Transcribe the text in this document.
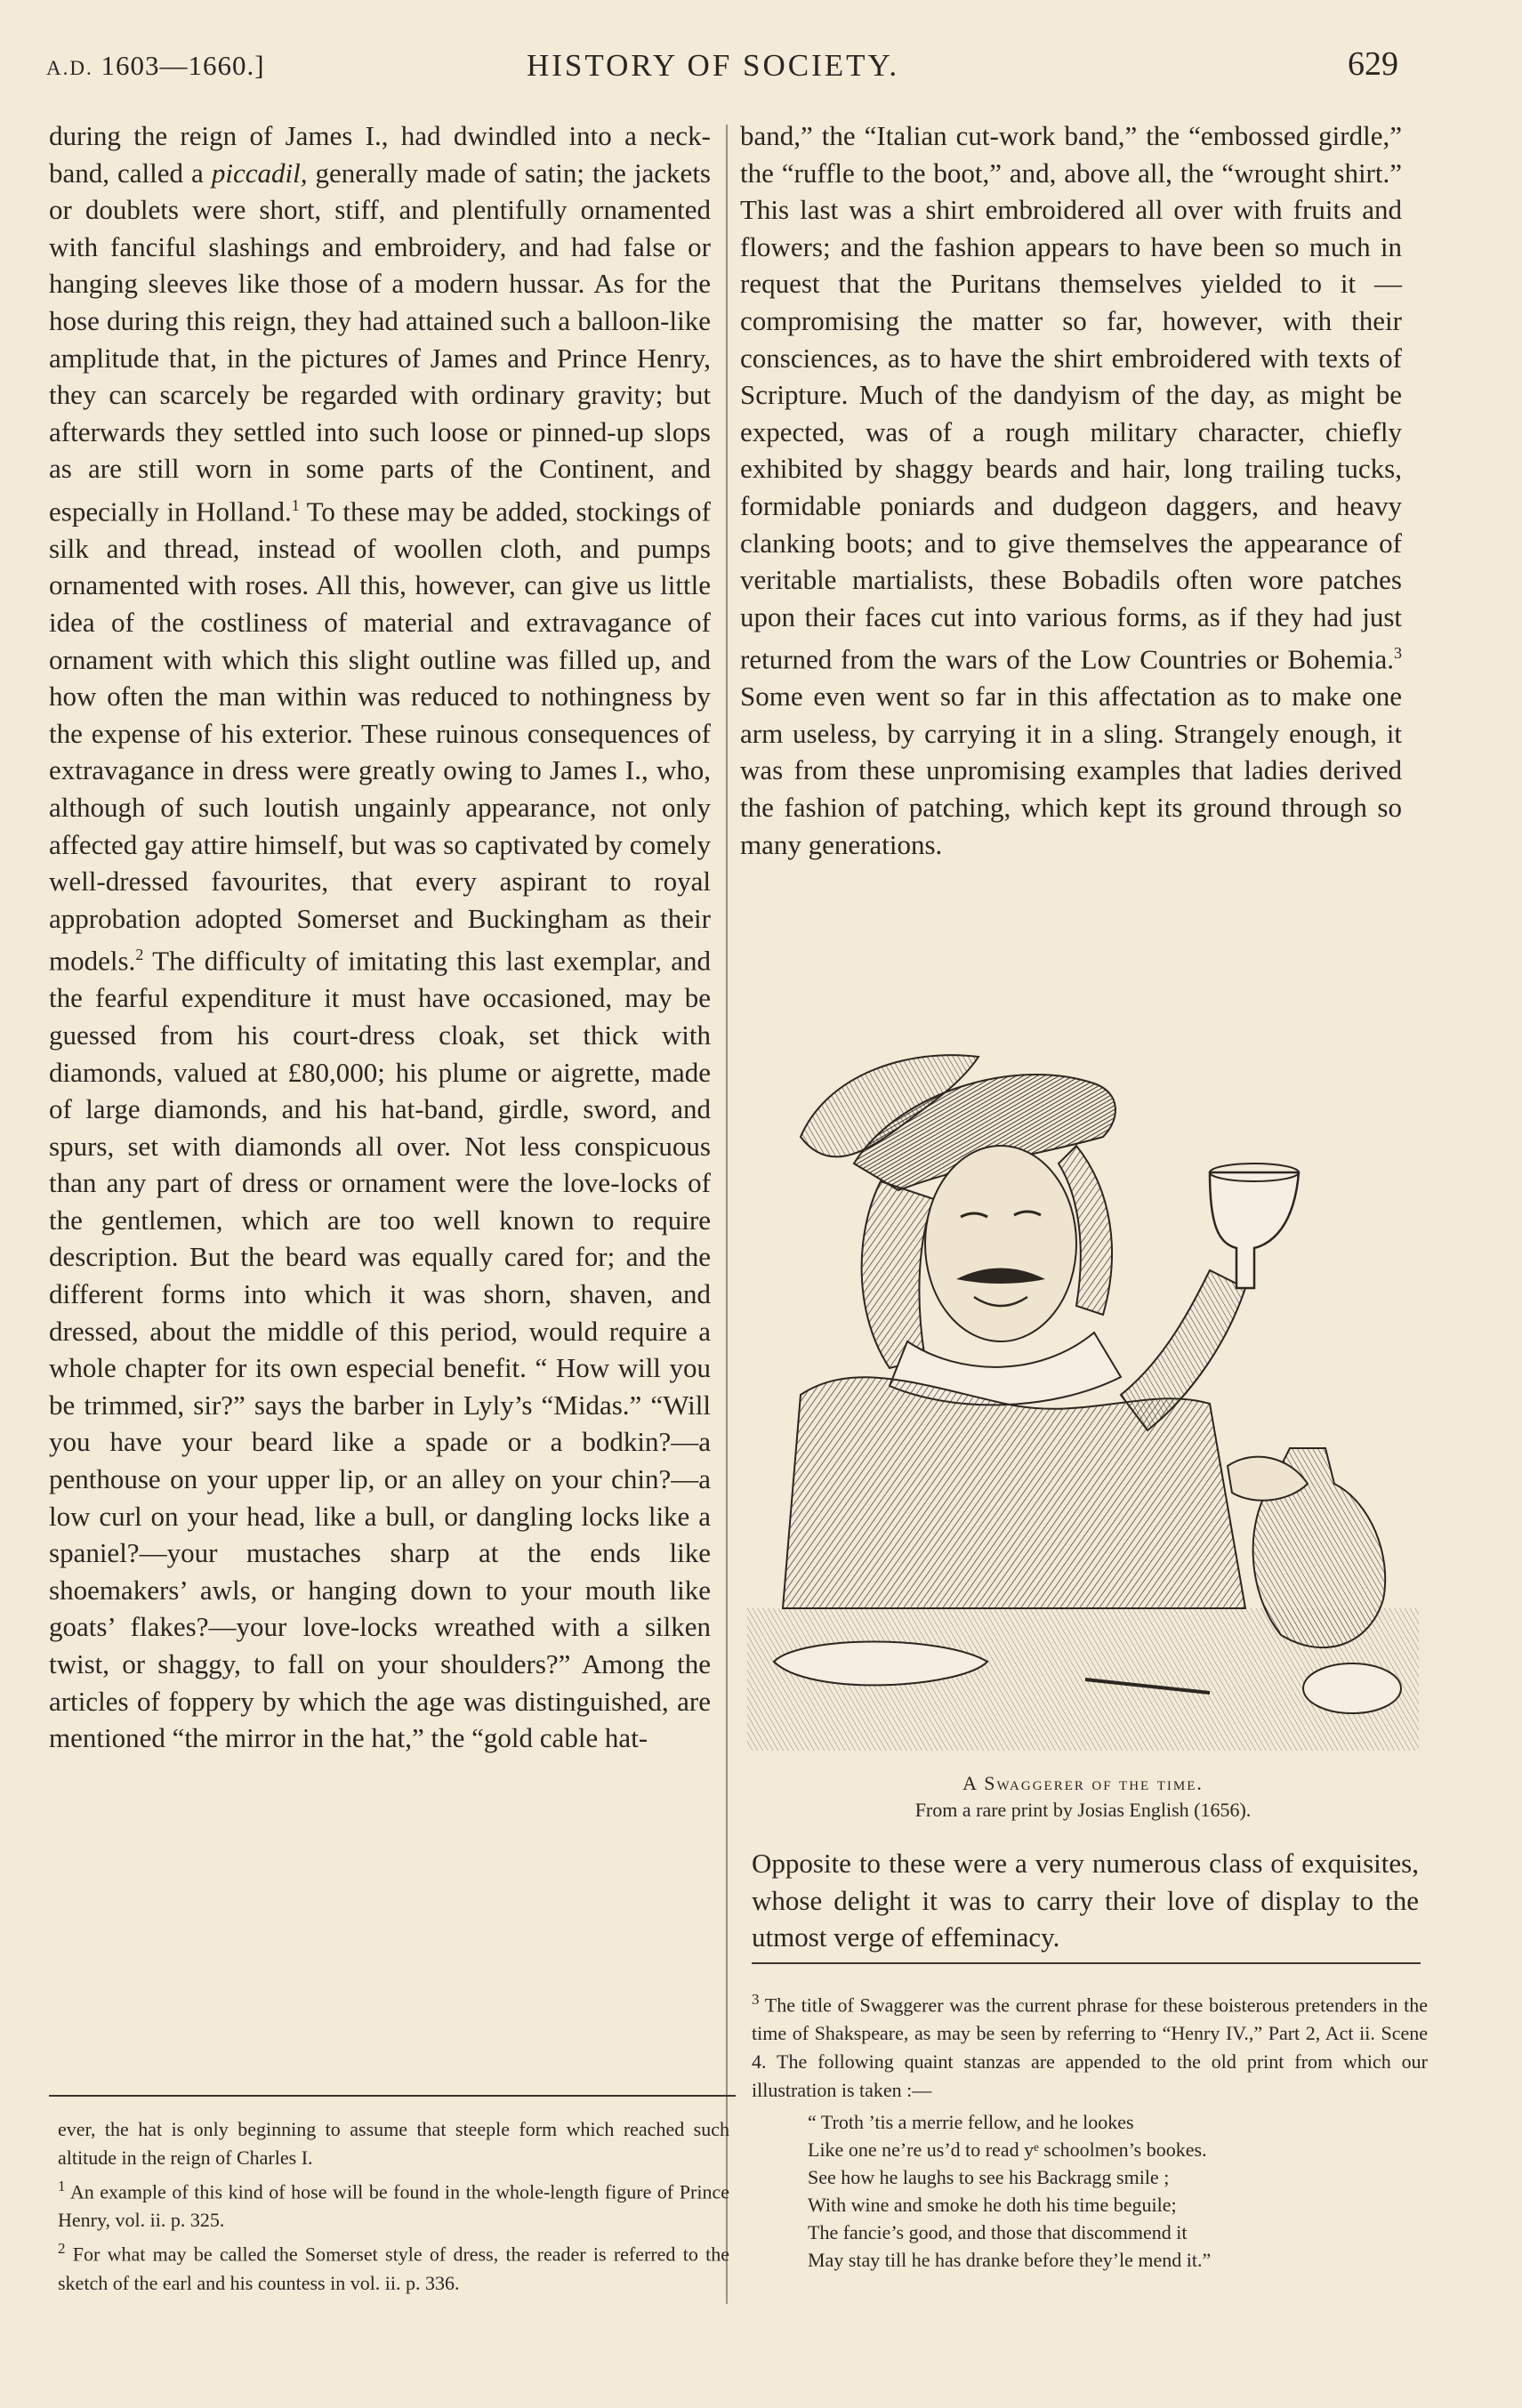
A.D. 1603—1660.]	HISTORY OF SOCIETY.	629

during the reign of James I., had dwindled into a neck-band, called a piccadil, generally made of satin; the jackets or doublets were short, stiff, and plentifully ornamented with fanciful slashings and embroidery, and had false or hanging sleeves like those of a modern hussar. As for the hose during this reign, they had attained such a balloon-like amplitude that, in the pictures of James and Prince Henry, they can scarcely be regarded with ordinary gravity; but afterwards they settled into such loose or pinned-up slops as are still worn in some parts of the Continent, and especially in Holland.$^1$ To these may be added, stockings of silk and thread, instead of woollen cloth, and pumps ornamented with roses. All this, however, can give us little idea of the costliness of material and extravagance of ornament with which this slight outline was filled up, and how often the man within was reduced to nothingness by the expense of his exterior. These ruinous consequences of extravagance in dress were greatly owing to James I., who, although of such loutish ungainly appearance, not only affected gay attire himself, but was so captivated by comely well-dressed favourites, that every aspirant to royal approbation adopted Somerset and Buckingham as their models.$^2$ The difficulty of imitating this last exemplar, and the fearful expenditure it must have occasioned, may be guessed from his court-dress cloak, set thick with diamonds, valued at £80,000; his plume or aigrette, made of large diamonds, and his hat-band, girdle, sword, and spurs, set with diamonds all over. Not less conspicuous than any part of dress or ornament were the love-locks of the gentlemen, which are too well known to require description. But the beard was equally cared for; and the different forms into which it was shorn, shaven, and dressed, about the middle of this period, would require a whole chapter for its own especial benefit. “ How will you be trimmed, sir?” says the barber in Lyly’s “Midas.” “Will you have your beard like a spade or a bodkin?—a penthouse on your upper lip, or an alley on your chin?—a low curl on your head, like a bull, or dangling locks like a spaniel?—your mustaches sharp at the ends like shoemakers’ awls, or hanging down to your mouth like goats’ flakes?—your love-locks wreathed with a silken twist, or shaggy, to fall on your shoulders?” Among the articles of foppery by which the age was distinguished, are mentioned “the mirror in the hat,” the “gold cable hat-

band,” the “Italian cut-work band,” the “embossed girdle,” the “ruffle to the boot,” and, above all, the “wrought shirt.” This last was a shirt embroidered all over with fruits and flowers; and the fashion appears to have been so much in request that the Puritans themselves yielded to it —compromising the matter so far, however, with their consciences, as to have the shirt embroidered with texts of Scripture. Much of the dandyism of the day, as might be expected, was of a rough military character, chiefly exhibited by shaggy beards and hair, long trailing tucks, formidable poniards and dudgeon daggers, and heavy clanking boots; and to give themselves the appearance of veritable martialists, these Bobadils often wore patches upon their faces cut into various forms, as if they had just returned from the wars of the Low Countries or Bohemia.$^3$ Some even went so far in this affectation as to make one arm useless, by carrying it in a sling. Strangely enough, it was from these unpromising examples that ladies derived the fashion of patching, which kept its ground through so many generations.

A Swaggerer of the time.
From a rare print by Josias English (1656).

Opposite to these were a very numerous class of exquisites, whose delight it was to carry their love of display to the utmost verge of effeminacy.

ever, the hat is only beginning to assume that steeple form which reached such altitude in the reign of Charles I.

$^1$ An example of this kind of hose will be found in the whole-length figure of Prince Henry, vol. ii. p. 325.

$^2$ For what may be called the Somerset style of dress, the reader is referred to the sketch of the earl and his countess in vol. ii. p. 336.

$^3$ The title of Swaggerer was the current phrase for these boisterous pretenders in the time of Shakspeare, as may be seen by referring to “Henry IV.,” Part 2, Act ii. Scene 4. The following quaint stanzas are appended to the old print from which our illustration is taken :—

“ Troth ’tis a merrie fellow, and he lookes
Like one ne’re us’d to read yᵉ schoolmen’s bookes.
See how he laughs to see his Backragg smile ;
With wine and smoke he doth his time beguile;
The fancie’s good, and those that discommend it
May stay till he has dranke before they’le mend it.”
